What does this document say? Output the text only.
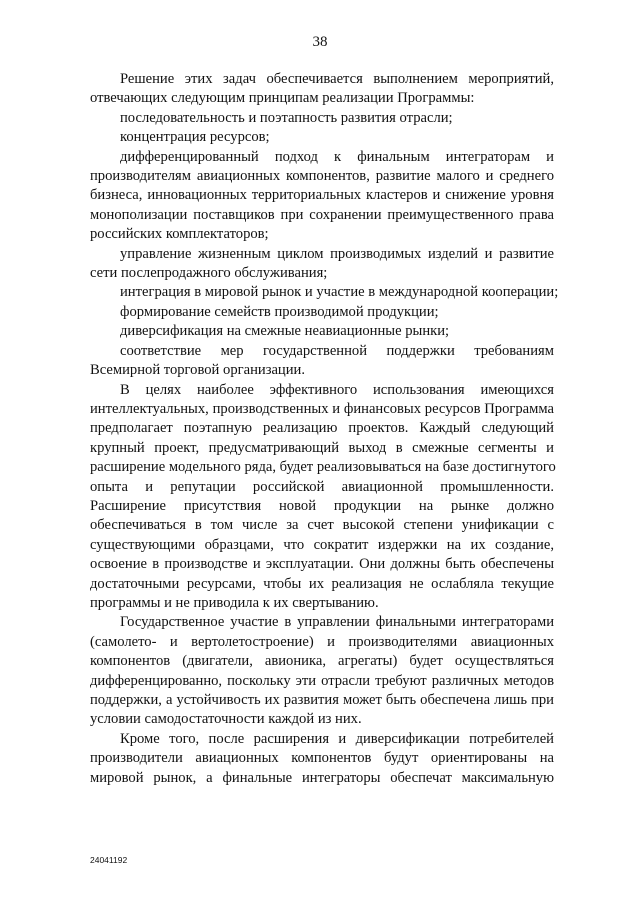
38
Решение этих задач обеспечивается выполнением мероприятий,
отвечающих следующим принципам реализации Программы:
последовательность и поэтапность развития отрасли;
концентрация ресурсов;
дифференцированный подход к финальным интеграторам и
производителям авиационных компонентов, развитие малого и среднего
бизнеса, инновационных территориальных кластеров и снижение уровня
монополизации поставщиков при сохранении преимущественного права
российских комплектаторов;
управление жизненным циклом производимых изделий и развитие
сети послепродажного обслуживания;
интеграция в мировой рынок и участие в международной кооперации;
формирование семейств производимой продукции;
диверсификация на смежные неавиационные рынки;
соответствие мер государственной поддержки требованиям
Всемирной торговой организации.
В целях наиболее эффективного использования имеющихся
интеллектуальных, производственных и финансовых ресурсов Программа
предполагает поэтапную реализацию проектов. Каждый следующий
крупный проект, предусматривающий выход в смежные сегменты и
расширение модельного ряда, будет реализовываться на базе достигнутого
опыта и репутации российской авиационной промышленности.
Расширение присутствия новой продукции на рынке должно
обеспечиваться в том числе за счет высокой степени унификации с
существующими образцами, что сократит издержки на их создание,
освоение в производстве и эксплуатации. Они должны быть обеспечены
достаточными ресурсами, чтобы их реализация не ослабляла текущие
программы и не приводила к их свертыванию.
Государственное участие в управлении финальными интеграторами
(самолето- и вертолетостроение) и производителями авиационных
компонентов (двигатели, авионика, агрегаты) будет осуществляться
дифференцированно, поскольку эти отрасли требуют различных методов
поддержки, а устойчивость их развития может быть обеспечена лишь при
условии самодостаточности каждой из них.
Кроме того, после расширения и диверсификации потребителей
производители авиационных компонентов будут ориентированы на
мировой рынок, а финальные интеграторы обеспечат максимальную
24041192
